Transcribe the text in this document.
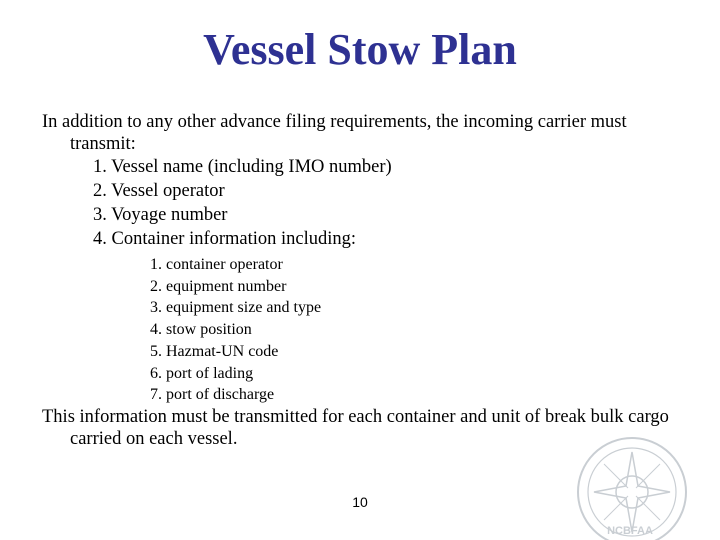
Vessel Stow Plan

In addition to any other advance filing requirements, the incoming carrier must transmit:

1. Vessel name (including IMO number)
2. Vessel operator
3. Voyage number
4. Container information including:
1. container operator
2. equipment number
3. equipment size and type
4. stow position
5. Hazmat-UN code
6. port of lading
7. port of discharge

This information must be transmitted for each container and unit of break bulk cargo carried on each vessel.

10
NCBFAA
